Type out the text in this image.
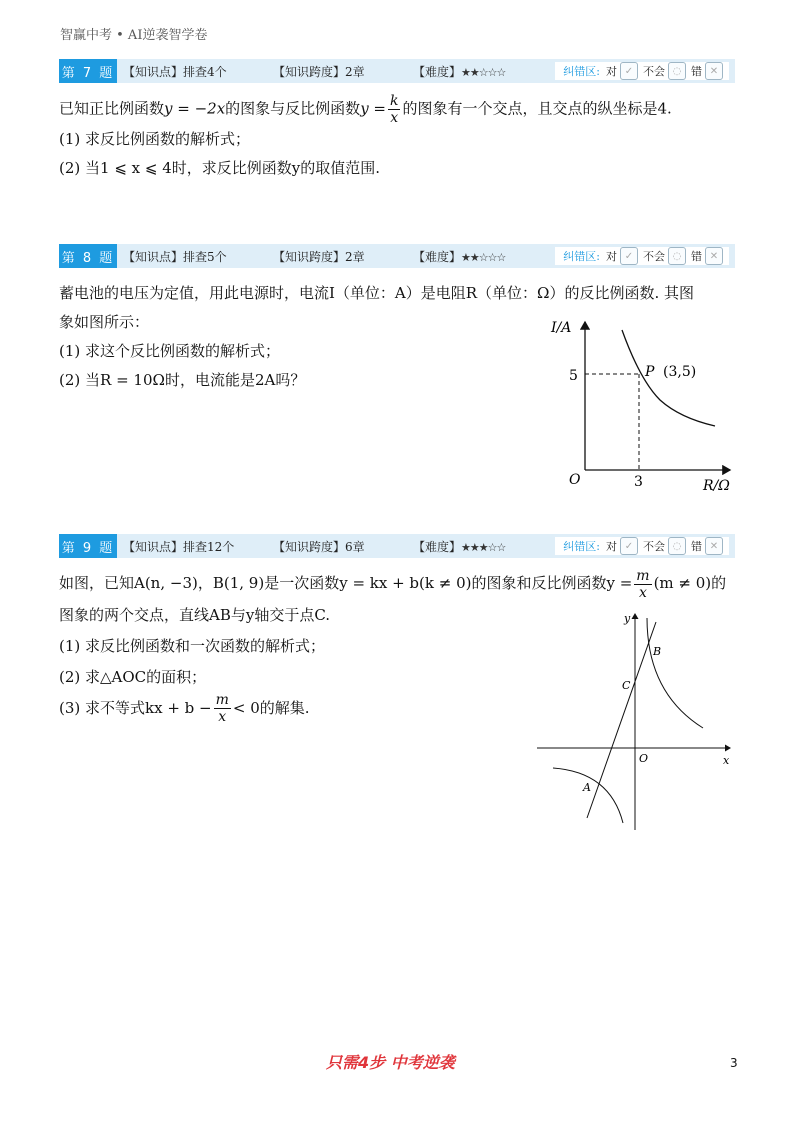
智赢中考 • AI逆袭智学卷
第 7 题 【知识点】排查4个	【知识跨度】2章	【难度】★★☆☆☆	纠错区: 对 ✓ 不会 ◌ 错 ✕
已知正比例函数y = −2x的图象与反比例函数$y = \frac{k}{x}$ 的图象有一个交点，且交点的纵坐标是4.
(1) 求反比例函数的解析式；
(2) 当1 ⩽ x ⩽ 4时，求反比例函数y的取值范围.
第 8 题 【知识点】排查5个	【知识跨度】2章	【难度】★★☆☆☆	纠错区: 对 ✓ 不会 ◌ 错 ✕
蓄电池的电压为定值，用此电源时，电流I（单位：A）是电阻R（单位：Ω）的反比例函数. 其图
象如图所示：
(1) 求这个反比例函数的解析式；
(2) 当R = 10Ω时，电流能是2A吗？
I/A
R/Ω
O
5
3
P (3,5)
第 9 题 【知识点】排查12个	【知识跨度】6章	【难度】★★★☆☆	纠错区: 对 ✓ 不会 ◌ 错 ✕
如图，已知A(n, −3)，B(1, 9)是一次函数y = kx + b(k ≠ 0)的图象和反比例函数$y = \frac{m}{x} (m \ne 0)$的
图象的两个交点，直线AB与y轴交于点C.
(1) 求反比例函数和一次函数的解析式；
(2) 求△AOC的面积；
(3) 求不等式kx + $b - \frac{m}{x} < 0$的解集.
x
y
O
A
B
C
只需4步 中考逆袭	3
